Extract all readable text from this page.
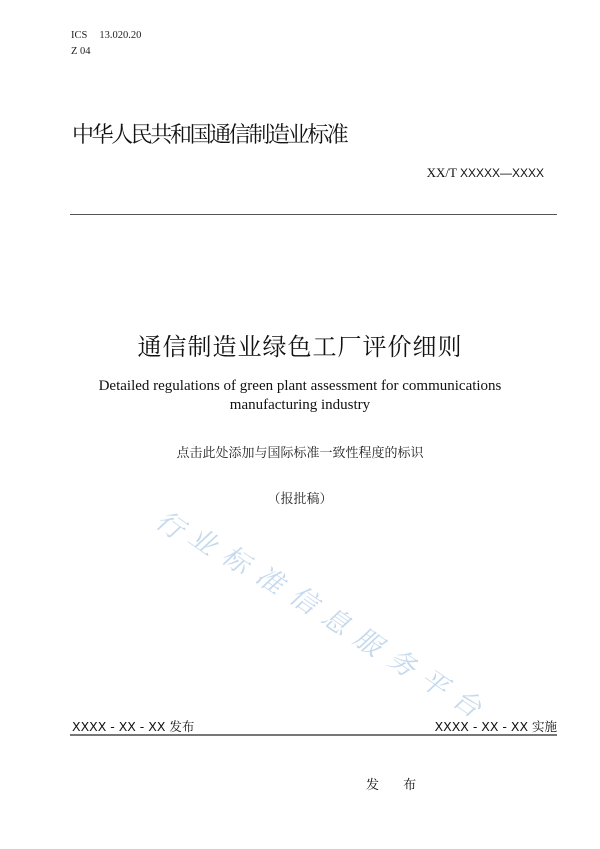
ICS 13.020.20
Z 04
中华人民共和国通信制造业标准
XX/T XXXXX—XXXX
通信制造业绿色工厂评价细则
Detailed regulations of green plant assessment for communications manufacturing industry
点击此处添加与国际标准一致性程度的标识
（报批稿）
行
业
标
准
信
息
服
务
平
台
XXXX - XX - XX 发布	XXXX - XX - XX 实施
发 布
